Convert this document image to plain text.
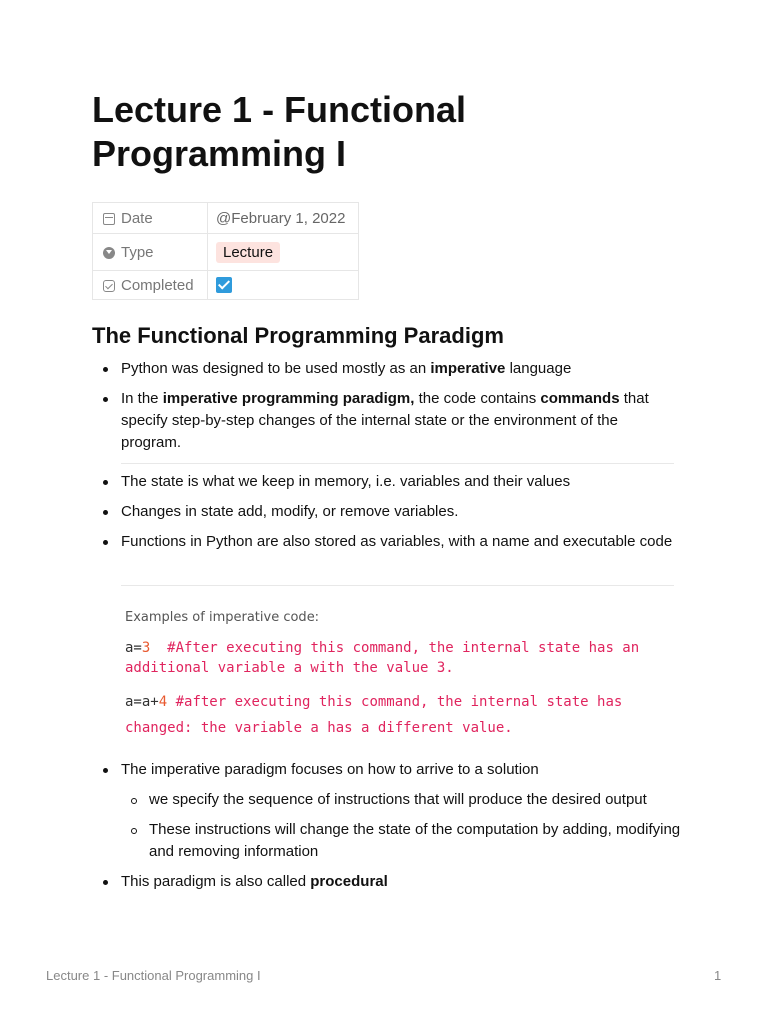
Lecture 1 - Functional Programming I
Date	@February 1, 2022
Type	Lecture
Completed	
The Functional Programming Paradigm
Python was designed to be used mostly as an imperative language
In the imperative programming paradigm, the code contains commands that specify step-by-step changes of the internal state or the environment of the program.
The state is what we keep in memory, i.e. variables and their values
Changes in state add, modify, or remove variables.
Functions in Python are also stored as variables, with a name and executable code
Examples of imperative code:
a=3  #After executing this command, the internal state has an
additional variable a with the value 3.
a=a+4 #after executing this command, the internal state has
changed: the variable a has a different value.
The imperative paradigm focuses on how to arrive to a solution
we specify the sequence of instructions that will produce the desired output
These instructions will change the state of the computation by adding, modifying and removing information
This paradigm is also called procedural
Lecture 1 - Functional Programming I	1
